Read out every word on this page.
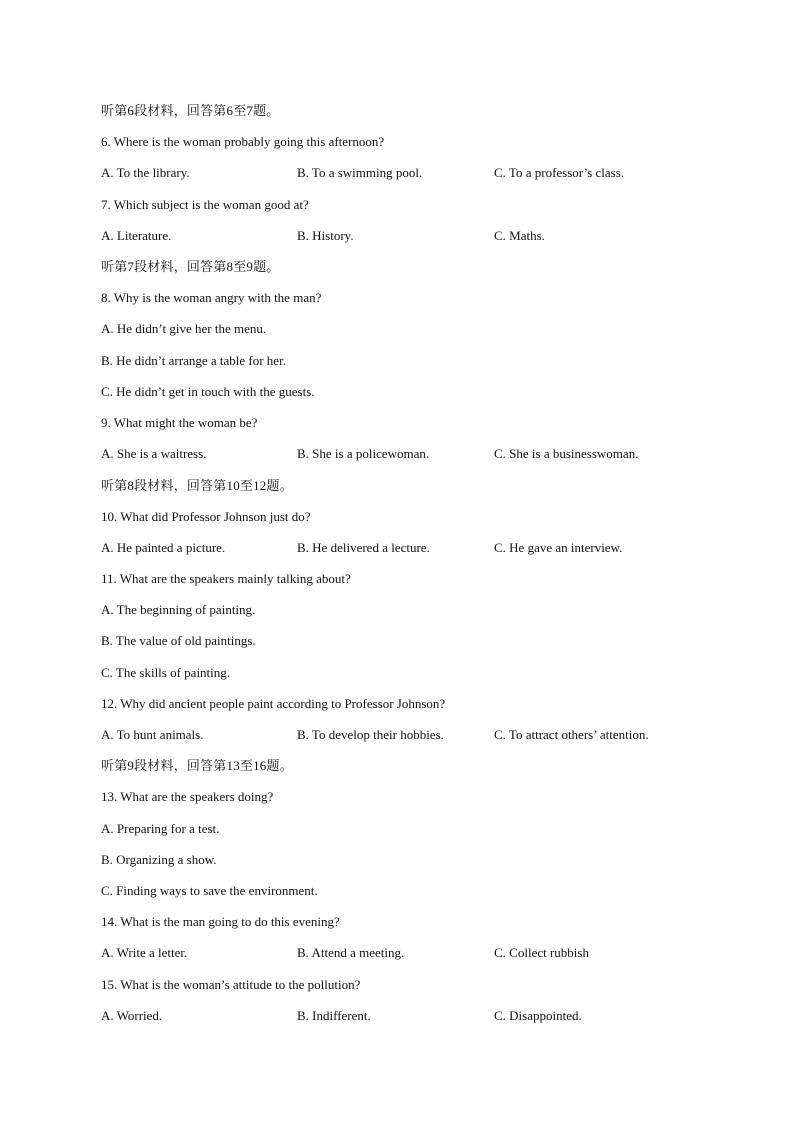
听第6段材料，回答第6至7题。
6. Where is the woman probably going this afternoon?
A. To the library.	B. To a swimming pool.	C. To a professor’s class.
7. Which subject is the woman good at?
A. Literature.	B. History.	C. Maths.
听第7段材料，回答第8至9题。
8. Why is the woman angry with the man?
A. He didn’t give her the menu.
B. He didn’t arrange a table for her.
C. He didn’t get in touch with the guests.
9. What might the woman be?
A. She is a waitress.	B. She is a policewoman.	C. She is a businesswoman.
听第8段材料，回答第10至12题。
10. What did Professor Johnson just do?
A. He painted a picture.	B. He delivered a lecture.	C. He gave an interview.
11. What are the speakers mainly talking about?
A. The beginning of painting.
B. The value of old paintings.
C. The skills of painting.
12. Why did ancient people paint according to Professor Johnson?
A. To hunt animals.	B. To develop their hobbies.	C. To attract others’ attention.
听第9段材料，回答第13至16题。
13. What are the speakers doing?
A. Preparing for a test.
B. Organizing a show.
C. Finding ways to save the environment.
14. What is the man going to do this evening?
A. Write a letter.	B. Attend a meeting.	C. Collect rubbish
15. What is the woman’s attitude to the pollution?
A. Worried.	B. Indifferent.	C. Disappointed.
